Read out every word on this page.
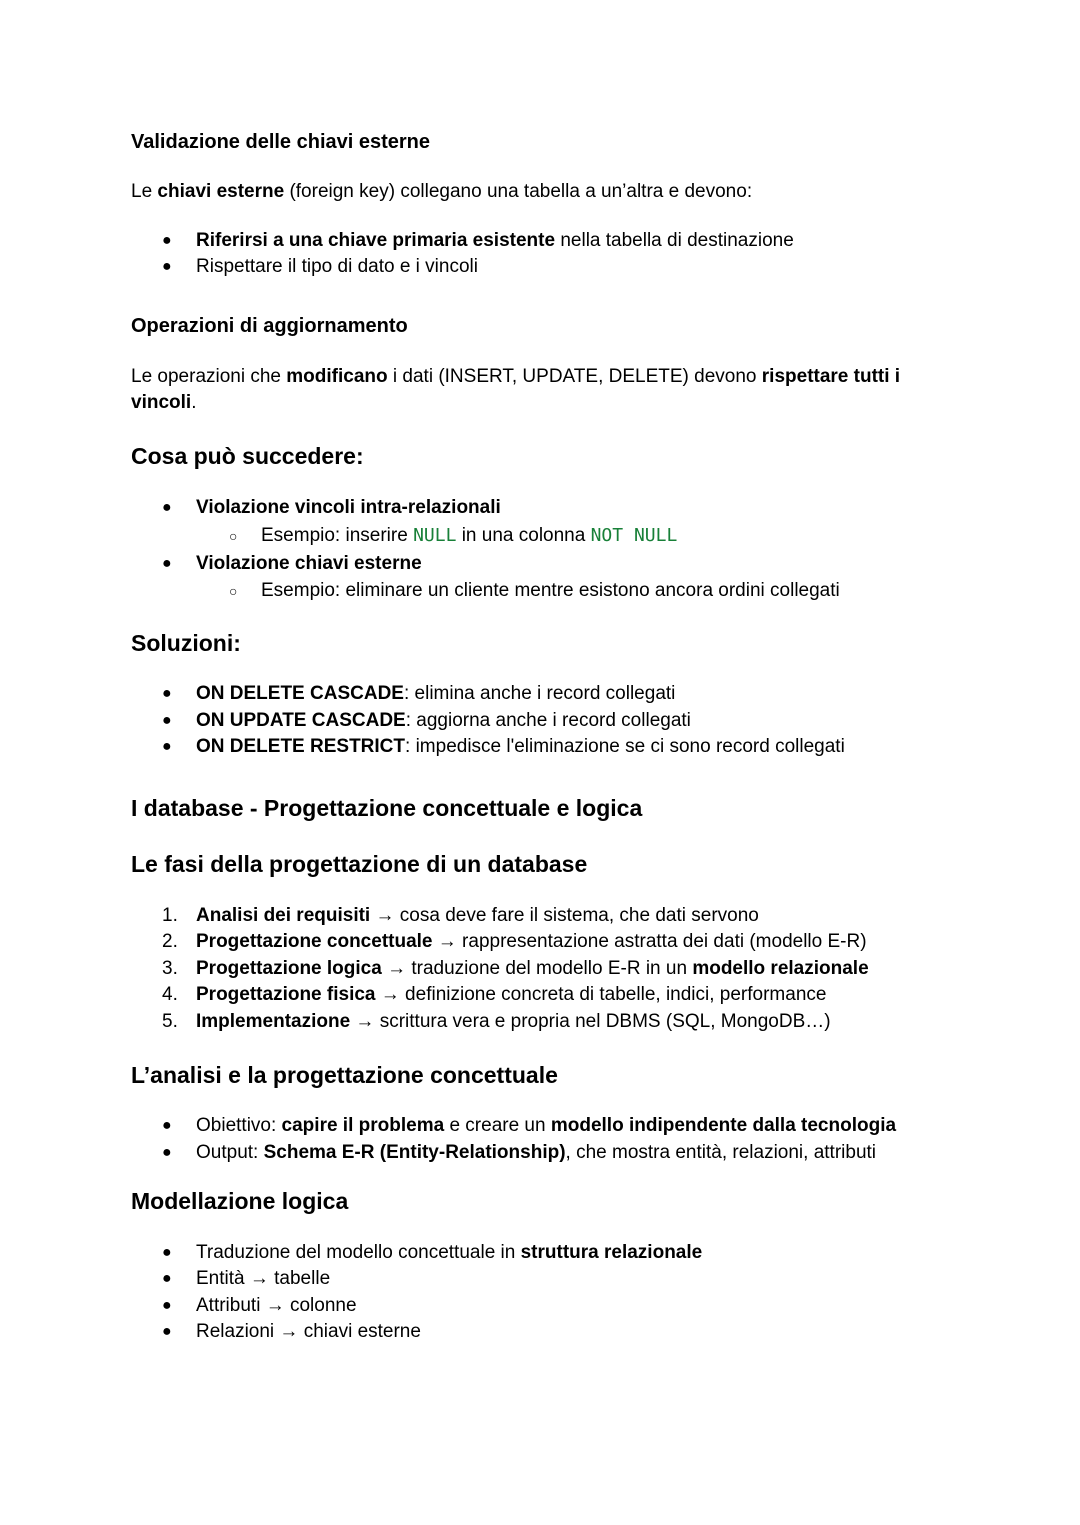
Validazione delle chiavi esterne

Le chiavi esterne (foreign key) collegano una tabella a un’altra e devono:

● Riferirsi a una chiave primaria esistente nella tabella di destinazione
● Rispettare il tipo di dato e i vincoli
Operazioni di aggiornamento

Le operazioni che modificano i dati (INSERT, UPDATE, DELETE) devono rispettare tutti i vincoli.

Cosa può succedere:
● Violazione vincoli intra-relazionali
○ Esempio: inserire NULL in una colonna NOT NULL
● Violazione chiavi esterne
○ Esempio: eliminare un cliente mentre esistono ancora ordini collegati
Soluzioni:
● ON DELETE CASCADE: elimina anche i record collegati
● ON UPDATE CASCADE: aggiorna anche i record collegati
● ON DELETE RESTRICT: impedisce l'eliminazione se ci sono record collegati
I database - Progettazione concettuale e logica
Le fasi della progettazione di un database
1. Analisi dei requisiti → cosa deve fare il sistema, che dati servono
2. Progettazione concettuale → rappresentazione astratta dei dati (modello E-R)
3. Progettazione logica → traduzione del modello E-R in un modello relazionale
4. Progettazione fisica → definizione concreta di tabelle, indici, performance
5. Implementazione → scrittura vera e propria nel DBMS (SQL, MongoDB…)
L’analisi e la progettazione concettuale
● Obiettivo: capire il problema e creare un modello indipendente dalla tecnologia
● Output: Schema E-R (Entity-Relationship), che mostra entità, relazioni, attributi
Modellazione logica
● Traduzione del modello concettuale in struttura relazionale
● Entità → tabelle
● Attributi → colonne
● Relazioni → chiavi esterne
